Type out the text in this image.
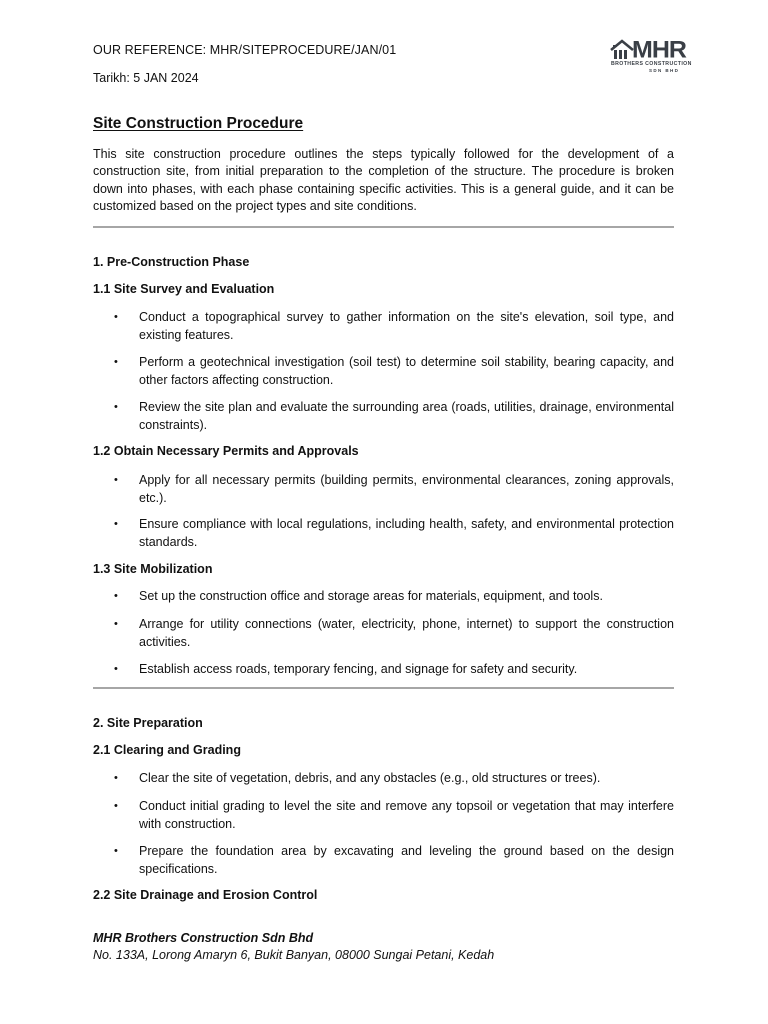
OUR REFERENCE: MHR/SITEPROCEDURE/JAN/01
Tarikh: 5 JAN 2024
MHR
BROTHERS CONSTRUCTION
SDN BHD
Site Construction Procedure
This site construction procedure outlines the steps typically followed for the development of a construction site, from initial preparation to the completion of the structure. The procedure is broken down into phases, with each phase containing specific activities. This is a general guide, and it can be customized based on the project types and site conditions.
1. Pre-Construction Phase
1.1 Site Survey and Evaluation
•	Conduct a topographical survey to gather information on the site's elevation, soil type, and existing features.
•	Perform a geotechnical investigation (soil test) to determine soil stability, bearing capacity, and other factors affecting construction.
•	Review the site plan and evaluate the surrounding area (roads, utilities, drainage, environmental constraints).
1.2 Obtain Necessary Permits and Approvals
•	Apply for all necessary permits (building permits, environmental clearances, zoning approvals, etc.).
•	Ensure compliance with local regulations, including health, safety, and environmental protection standards.
1.3 Site Mobilization
•	Set up the construction office and storage areas for materials, equipment, and tools.
•	Arrange for utility connections (water, electricity, phone, internet) to support the construction activities.
•	Establish access roads, temporary fencing, and signage for safety and security.
2. Site Preparation
2.1 Clearing and Grading
•	Clear the site of vegetation, debris, and any obstacles (e.g., old structures or trees).
•	Conduct initial grading to level the site and remove any topsoil or vegetation that may interfere with construction.
•	Prepare the foundation area by excavating and leveling the ground based on the design specifications.
2.2 Site Drainage and Erosion Control
MHR Brothers Construction Sdn Bhd
No. 133A, Lorong Amaryn 6, Bukit Banyan, 08000 Sungai Petani, Kedah
